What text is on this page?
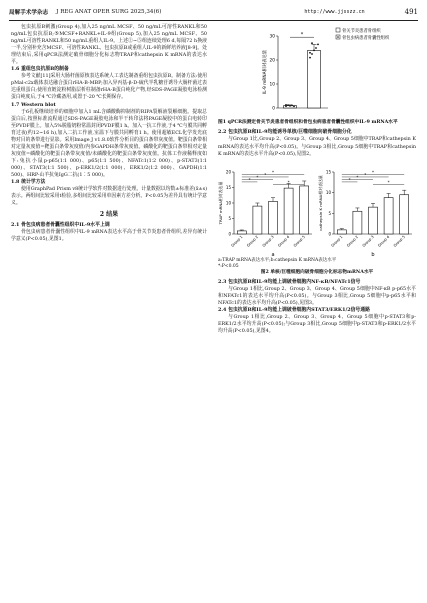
局解手术学杂志 J REG ANAT OPER SURG 2025,34(6)	http://www.jjsszz.cn	491

包虫抗原B刺激(Group 4),加入25 ng/mL MCSF、50 ng/mL可溶性RANKL和50 ng/mL包虫抗原B;⑤MCSF+RANKL+IL-9组(Group 5),加入25 ng/mL MCSF、50 ng/mL可溶性RANKL和50 ng/mL重组人IL-9。上述②~⑤组连续处理6 d,每隔72 h换液一半,分别补充含MCSF、可溶性RANKL、包虫抗原B或重组人IL-9的新鲜培养液[8-9]。处理结束后,采用qPCR法测定破骨细胞分化标志物TRAP和cathepsin K mRNA的表达水平。

1.6 重组包虫抗原B的制备

参考文献[11]采用大肠杆菌原核表达系统人工表达制备重组包虫抗原B。制备方法:使用pMal-c2x载体表达融合蛋白rHA-B-MBP;加入异丙基-β-D-硫代半乳糖苷诱导大肠杆菌过表达重组蛋白;使用直链淀粉树脂层析柱制备rHA-B蛋白纯化产物,经SDS-PAGE凝胶电泳检测蛋白纯度后,于4 ℃冷藏备用,或置于-20 ℃长期保存。

1.7 Western blot

于6孔板继续培养的细胞中加入1 mL含磷酸酶抑制剂的RIPA裂解液裂解细胞。提取总蛋白后,按照标准流程通过SDS-PAGE凝胶电泳和半干转印法将PAGE凝胶中的蛋白电转印至PVDF膜上。加入5%脱脂奶粉常温封闭PVDF膜1 h。加入一抗工作液,于4 ℃与膜共同孵育过夜(约12~16 h),加入二抗工作液,室温下与膜共同孵育1 h。使用超敏ECL化学发光底物对目的条带进行显影。采用Image J v1.8.0软件分析目的蛋白条带灰度值。靶蛋白条带相对定量灰度值=靶蛋白条带灰度值/内参GAPDH条带灰度值。磷酸化的靶蛋白条带相对定量灰度值=磷酸化的靶蛋白条带灰度值/未磷酸化的靶蛋白条带灰度值。抗体工作液稀释度如下:兔抗小鼠p-p65(1∶1 000)、p65(1∶1 500)、NFATc1(1∶2 000)、p-STAT3(1∶1 000)、STAT3(1∶1 500)、p-ERK1/2(1∶1 000)、ERK1/2(1∶2 000)、GAPDH(1∶1 500)、HRP-山羊抗兔IgG二抗(1∶5 000)。

1.8 统计学方法

使用GraphPad Prism v8统计学软件对数据进行处理。计量数据以均数±标准差(x̄±s)表示。两组间比较采用t检验,多组间比较采用单因素方差分析。P<0.05为差异具有统计学意义。

2 结果

2.1 骨包虫病患者骨囊性组织中IL-9水平上调

骨包虫病患者骨囊性组织中IL-9 mRNA表达水平高于骨关节炎患者骨组织,差异有统计学意义(P<0.05),见图1。

0
10
20
30
IL-9 mRNA相对表达量
*
骨关节炎患者骨组织
骨包虫病患者骨囊性组织

图1 qPCR法测定骨关节炎患者骨组织和骨包虫病患者骨囊性组织中IL-9 mRNA水平

2.2 包虫抗原B和IL-9均能诱导单核/巨噬细胞向破骨细胞分化

与Group 1比,Group 2、Group 3、Group 4、Group 5细胞中TRAP和cathepsin K mRNA的表达水平均升高(P<0.05)。与Group 3相比,Group 5细胞中TRAP和cathepsin K mRNA的表达水平升高(P<0.05),见图2。

0
5
10
15
20
TRAP mRNA相对表达量
Group 1 Group 2 Group 3 Group 4 Group 5
* * * *
*
a
0
5
10
15
cathepsin K mRNA相对表达量
Group 1 Group 2 Group 3 Group 4 Group 5
* * * *
*
b

a:TRAP mRNA表达水平;b:cathepsin K mRNA表达水平
*:P<0.05

图2 单核/巨噬细胞向破骨细胞分化标志物mRNA水平

2.3 包虫抗原B和IL-9均能上调破骨细胞内NF-κB/NFATc1信号

与Group 1相比,Group 2、Group 3、Group 4、Group 5细胞中NF-κB p-p65水平和NFATc1的表达水平均升高(P<0.05)。与Group 3相比,Group 5细胞中p-p65水平和NFATc1的表达水平均升高(P<0.05),见图3。

2.4 包虫抗原B和IL-9均能上调破骨细胞内STAT3/ERK1/2信号通路

与Group 1相比,Group 2、Group 3、Group 4、Group 5细胞中p-STAT3和p-ERK1/2水平均升高(P<0.05);与Group 3相比,Group 5细胞中p-STAT3和p-ERK1/2水平均升高(P<0.05),见图4。
